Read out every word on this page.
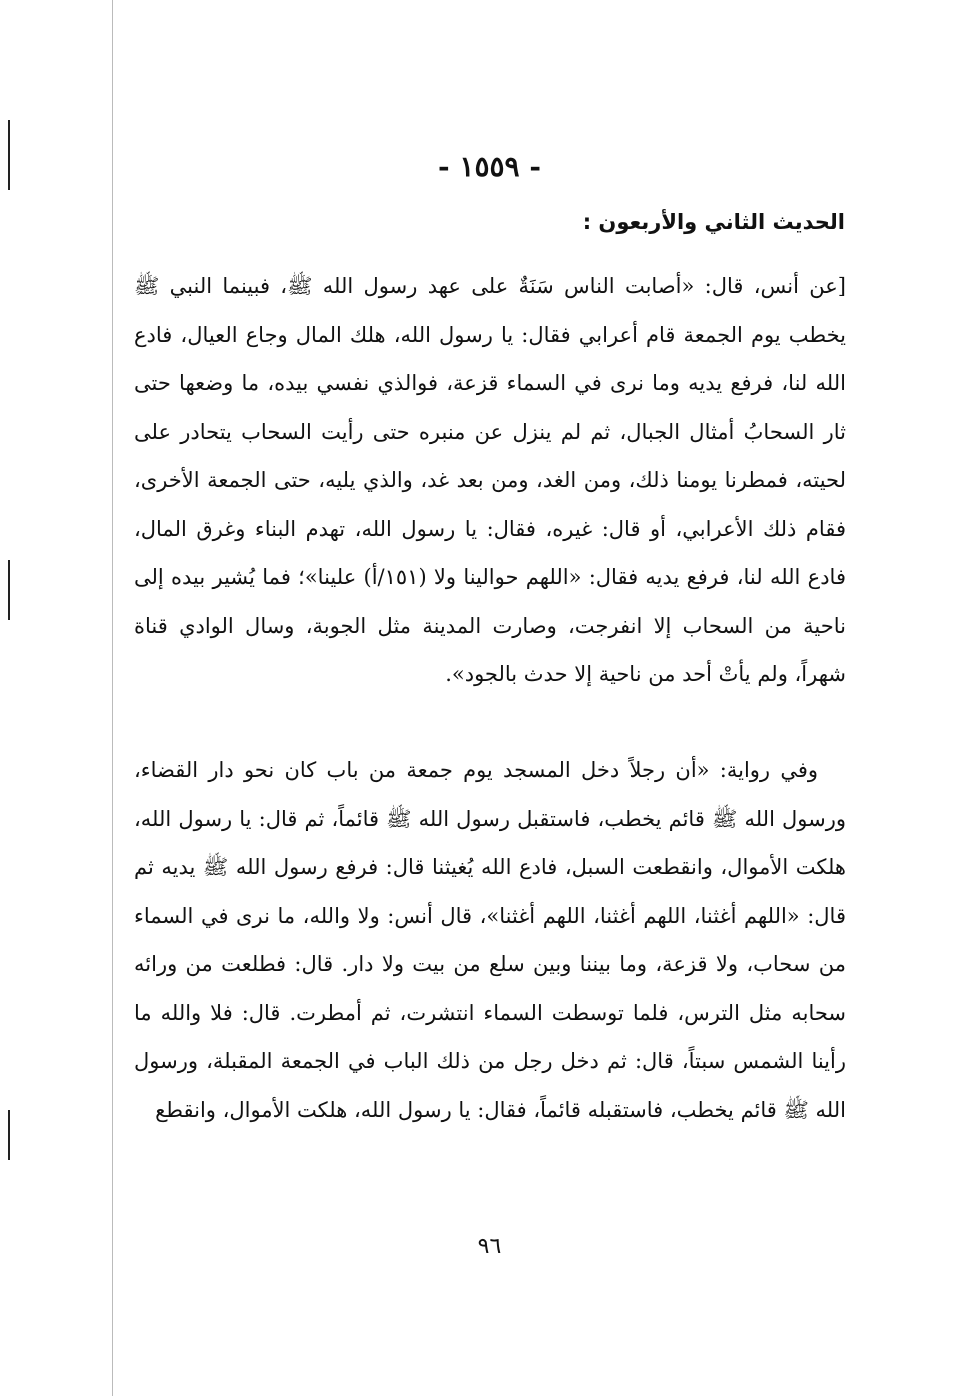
- ١٥٥٩ -
الحديث الثاني والأربعون :

[عن أنس، قال: «أصابت الناس سَنَةٌ على عهد رسول الله ﷺ، فبينما النبي ﷺ يخطب يوم الجمعة قام أعرابي فقال: يا رسول الله، هلك المال وجاع العيال، فادع الله لنا، فرفع يديه وما نرى في السماء قزعة، فوالذي نفسي بيده، ما وضعها حتى ثار السحابُ أمثال الجبال، ثم لم ينزل عن منبره حتى رأيت السحاب يتحادر على لحيته، فمطرنا يومنا ذلك، ومن الغد، ومن بعد غد، والذي يليه، حتى الجمعة الأخرى، فقام ذلك الأعرابي، أو قال: غيره، فقال: يا رسول الله، تهدم البناء وغرق المال، فادع الله لنا، فرفع يديه فقال: «اللهم حوالينا ولا (١٥١/أ) علينا»؛ فما يُشير بيده إلى ناحية من السحاب إلا انفرجت، وصارت المدينة مثل الجوبة، وسال الوادي قناة شهراً، ولم يأتْ أحد من ناحية إلا حدث بالجود».

وفي رواية: «أن رجلاً دخل المسجد يوم جمعة من باب كان نحو دار القضاء، ورسول الله ﷺ قائم يخطب، فاستقبل رسول الله ﷺ قائماً، ثم قال: يا رسول الله، هلكت الأموال، وانقطعت السبل، فادع الله يُغيثنا قال: فرفع رسول الله ﷺ يديه ثم قال: «اللهم أغثنا، اللهم أغثنا، اللهم أغثنا»، قال أنس: ولا والله، ما نرى في السماء من سحاب، ولا قزعة، وما بيننا وبين سلع من بيت ولا دار. قال: فطلعت من ورائه سحابه مثل الترس، فلما توسطت السماء انتشرت، ثم أمطرت. قال: فلا والله ما رأينا الشمس سبتاً، قال: ثم دخل رجل من ذلك الباب في الجمعة المقبلة، ورسول الله ﷺ قائم يخطب، فاستقبله قائماً، فقال: يا رسول الله، هلكت الأموال، وانقطع

٩٦
